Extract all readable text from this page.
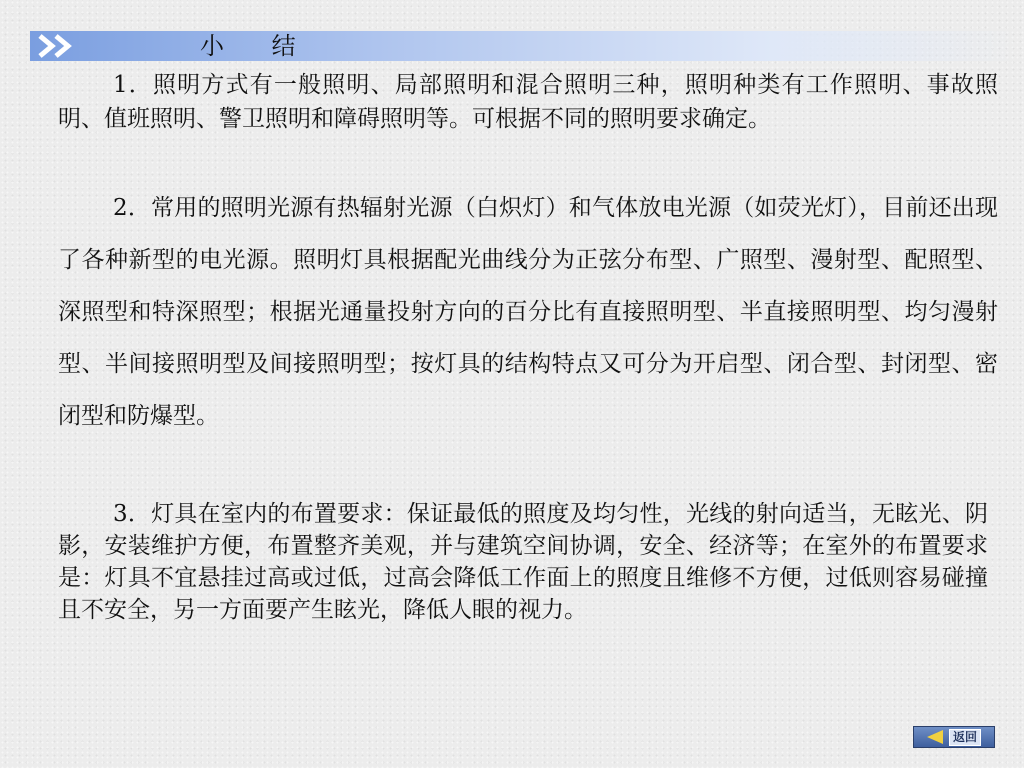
小 结

1．照明方式有一般照明、局部照明和混合照明三种，照明种类有工作照明、事故照明、值班照明、警卫照明和障碍照明等。可根据不同的照明要求确定。

2．常用的照明光源有热辐射光源（白炽灯）和气体放电光源（如荧光灯），目前还出现了各种新型的电光源。照明灯具根据配光曲线分为正弦分布型、广照型、漫射型、配照型、深照型和特深照型；根据光通量投射方向的百分比有直接照明型、半直接照明型、均匀漫射型、半间接照明型及间接照明型；按灯具的结构特点又可分为开启型、闭合型、封闭型、密闭型和防爆型。

3．灯具在室内的布置要求：保证最低的照度及均匀性，光线的射向适当，无眩光、阴影，安装维护方便，布置整齐美观，并与建筑空间协调，安全、经济等；在室外的布置要求是：灯具不宜悬挂过高或过低，过高会降低工作面上的照度且维修不方便，过低则容易碰撞且不安全，另一方面要产生眩光，降低人眼的视力。

返回
